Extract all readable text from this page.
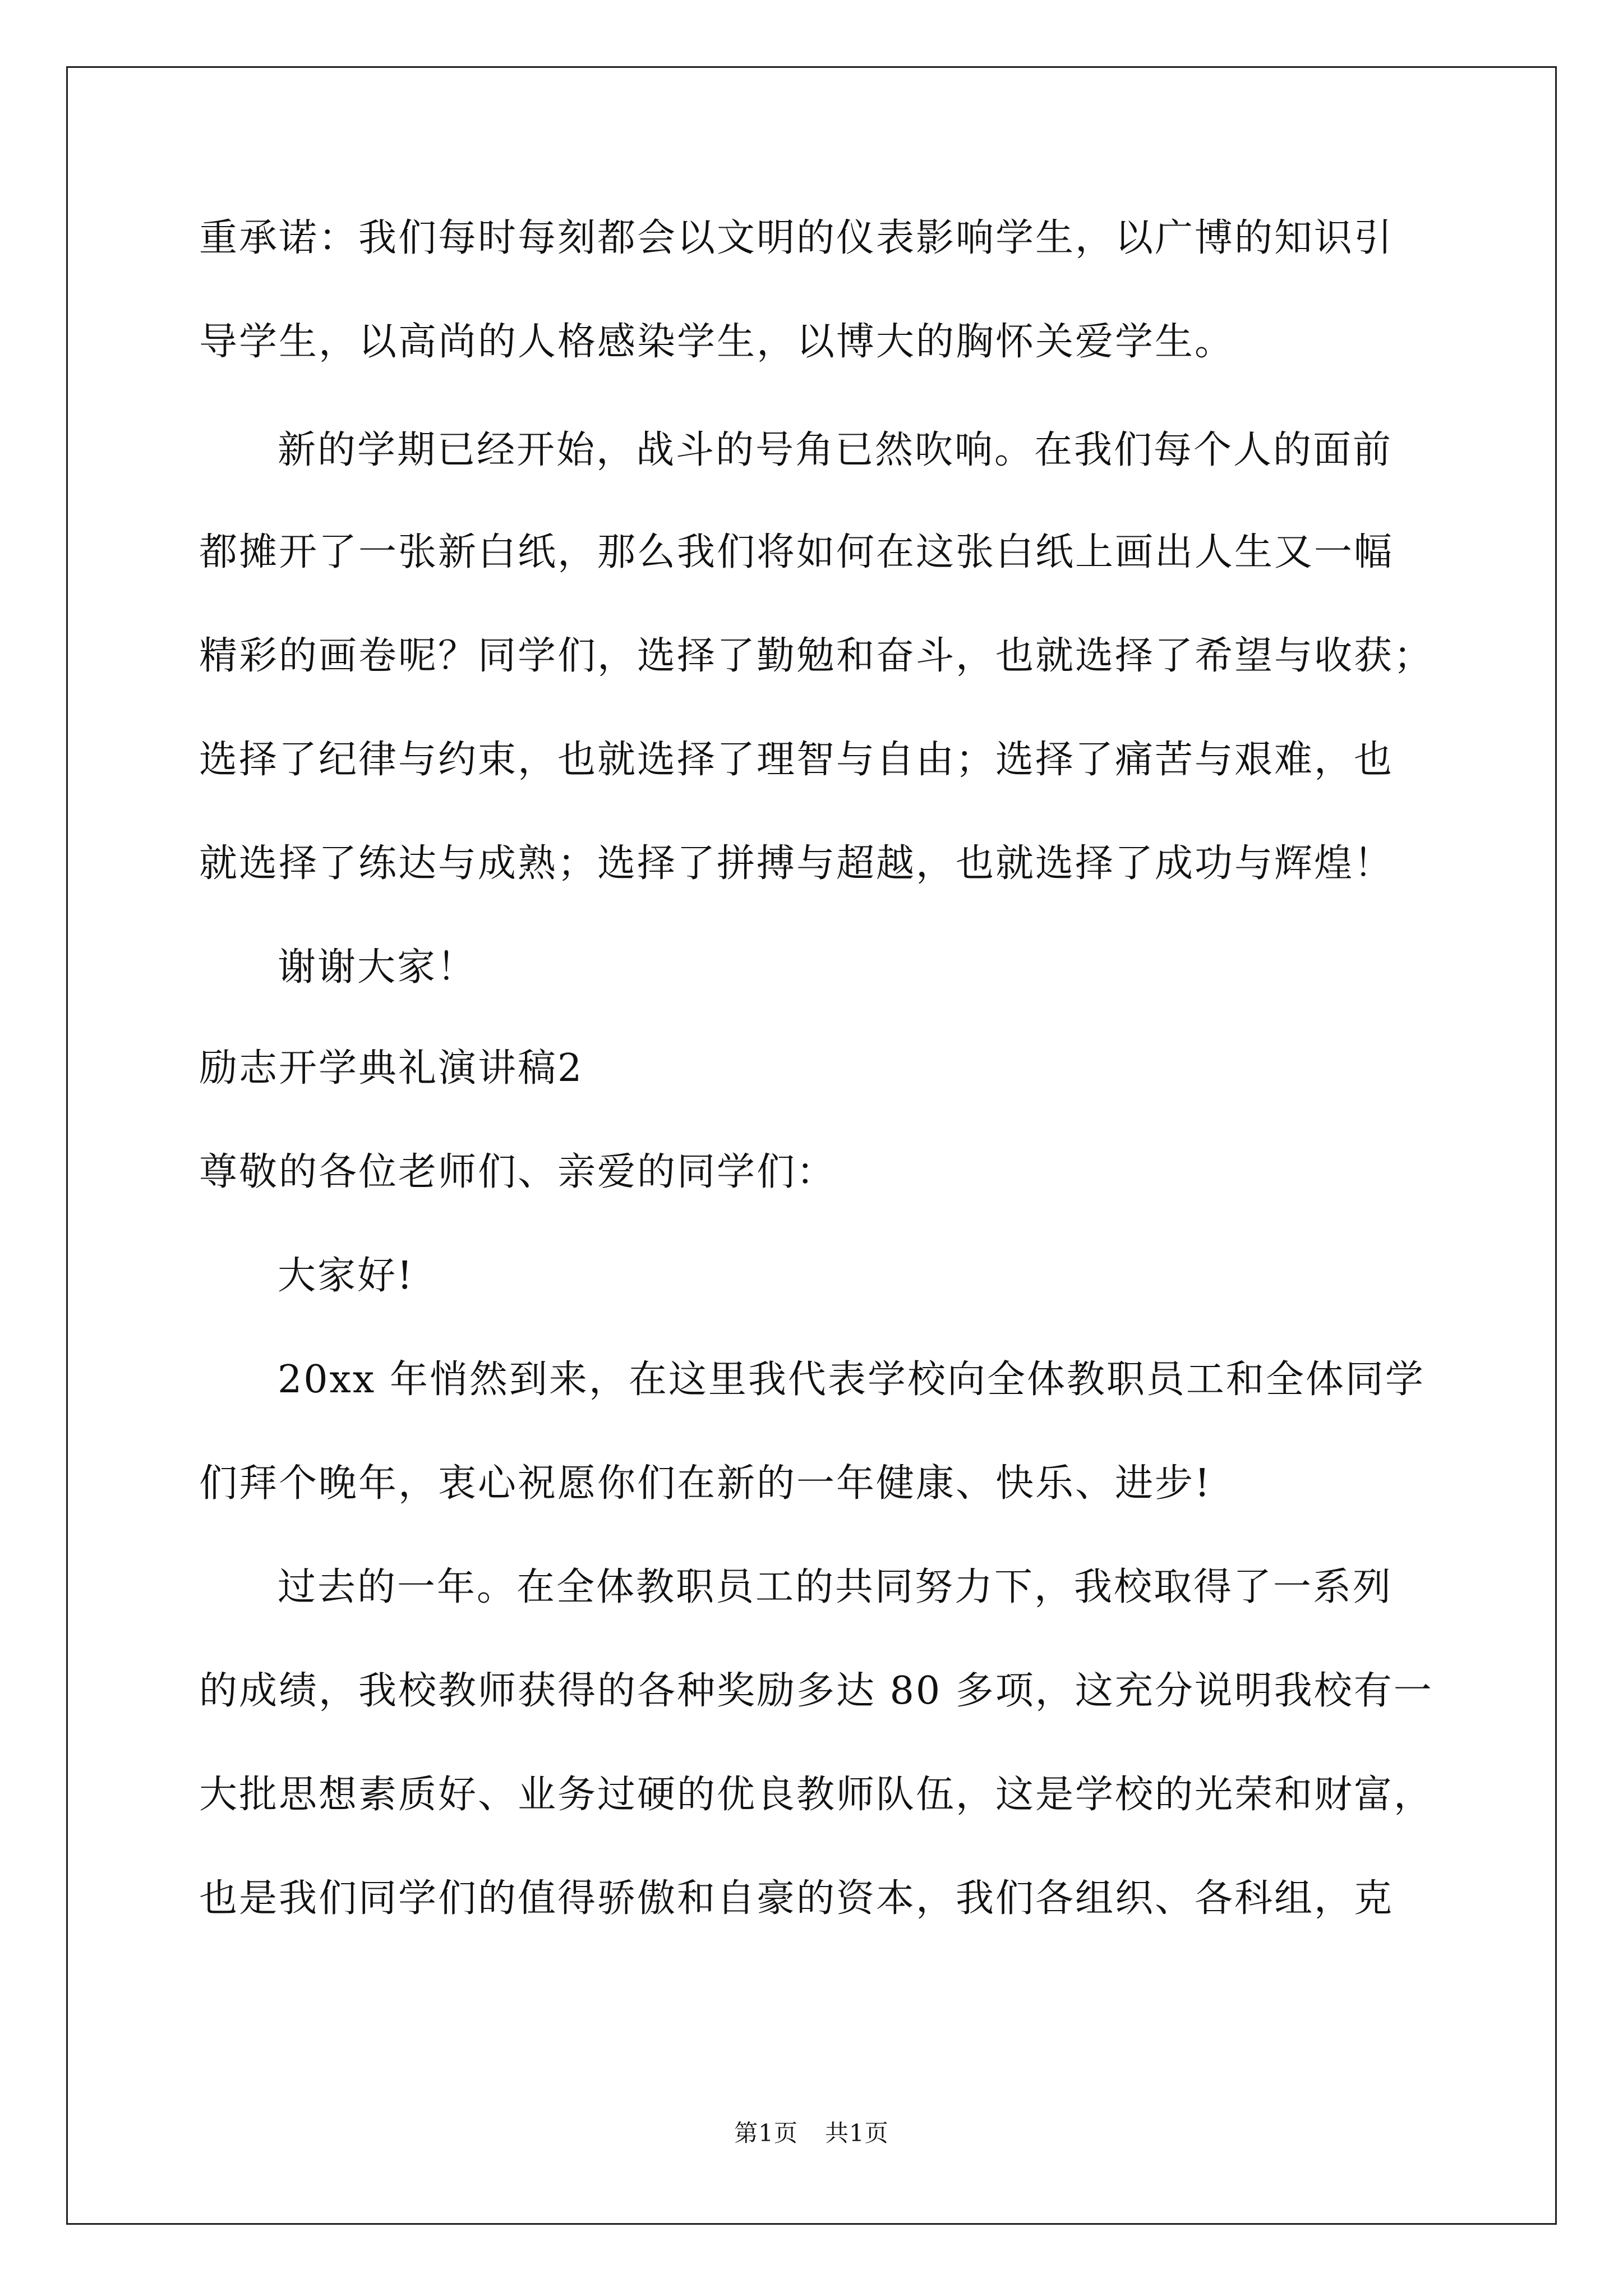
重承诺：我们每时每刻都会以文明的仪表影响学生，以广博的知识引
导学生，以高尚的人格感染学生，以博大的胸怀关爱学生。
新的学期已经开始，战斗的号角已然吹响。在我们每个人的面前
都摊开了一张新白纸，那么我们将如何在这张白纸上画出人生又一幅
精彩的画卷呢？同学们，选择了勤勉和奋斗，也就选择了希望与收获；
选择了纪律与约束，也就选择了理智与自由；选择了痛苦与艰难，也
就选择了练达与成熟；选择了拼搏与超越，也就选择了成功与辉煌！
谢谢大家！
励志开学典礼演讲稿2
尊敬的各位老师们、亲爱的同学们：
大家好!
20xx 年悄然到来，在这里我代表学校向全体教职员工和全体同学
们拜个晚年，衷心祝愿你们在新的一年健康、快乐、进步!
过去的一年。在全体教职员工的共同努力下，我校取得了一系列
的成绩，我校教师获得的各种奖励多达 80 多项，这充分说明我校有一
大批思想素质好、业务过硬的优良教师队伍，这是学校的光荣和财富，
也是我们同学们的值得骄傲和自豪的资本，我们各组织、各科组，克
第1页 共1页
